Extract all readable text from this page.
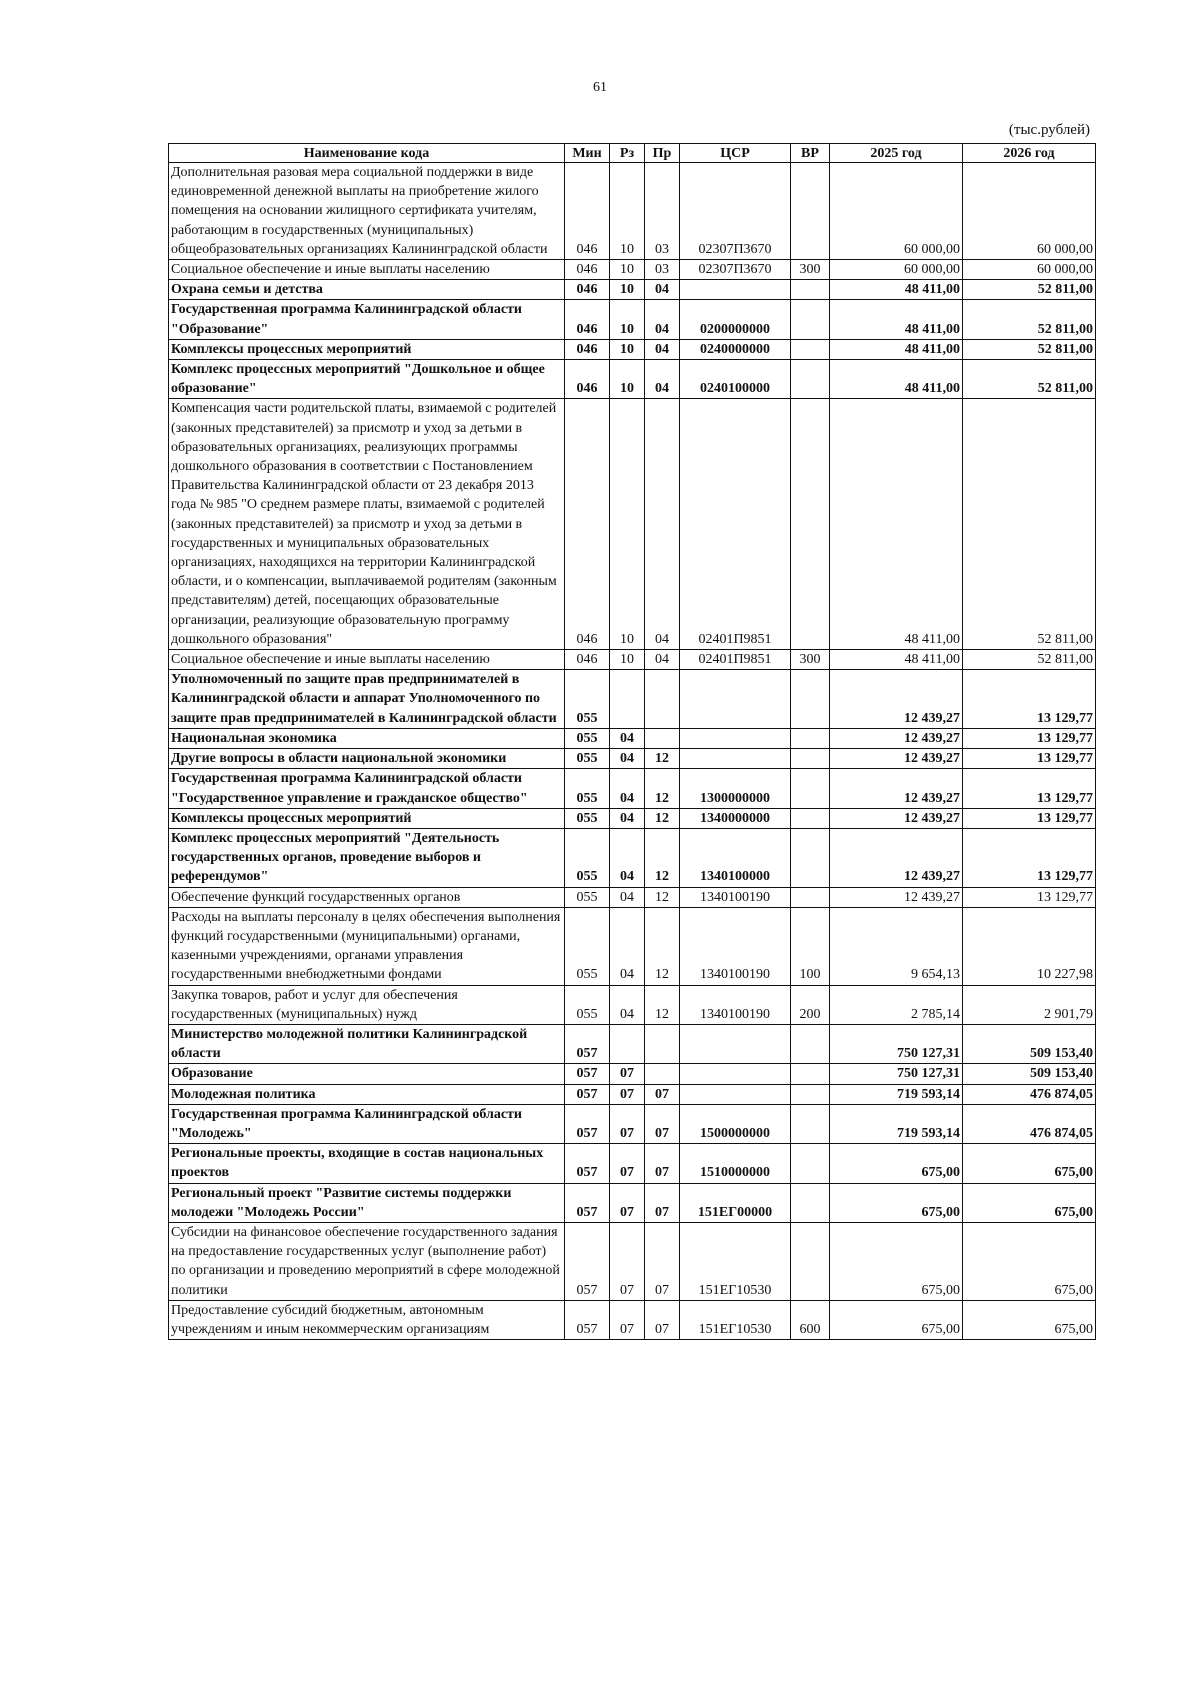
61
(тыс.рублей)
Наименование кода	Мин	Рз	Пр	ЦСР	ВР	2025 год	2026 год
Дополнительная разовая мера социальной поддержки в виде единовременной денежной выплаты на приобретение жилого помещения на основании жилищного сертификата учителям, работающим в государственных (муниципальных) общеобразовательных организациях Калининградской области	046	10	03	02307П3670		60 000,00	60 000,00
Социальное обеспечение и иные выплаты населению	046	10	03	02307П3670	300	60 000,00	60 000,00
Охрана семьи и детства	046	10	04			48 411,00	52 811,00
Государственная программа Калининградской области "Образование"	046	10	04	0200000000		48 411,00	52 811,00
Комплексы процессных мероприятий	046	10	04	0240000000		48 411,00	52 811,00
Комплекс процессных мероприятий "Дошкольное и общее образование"	046	10	04	0240100000		48 411,00	52 811,00
Компенсация части родительской платы, взимаемой с родителей (законных представителей) за присмотр и уход за детьми в образовательных организациях, реализующих программы дошкольного образования в соответствии с Постановлением Правительства Калининградской области от 23 декабря 2013 года № 985 "О среднем размере платы, взимаемой с родителей (законных представителей) за присмотр и уход за детьми в государственных и муниципальных образовательных организациях, находящихся на территории Калининградской области, и о компенсации, выплачиваемой родителям (законным представителям) детей, посещающих образовательные организации, реализующие образовательную программу дошкольного образования"	046	10	04	02401П9851		48 411,00	52 811,00
Социальное обеспечение и иные выплаты населению	046	10	04	02401П9851	300	48 411,00	52 811,00
Уполномоченный по защите прав предпринимателей в Калининградской области и аппарат Уполномоченного по защите прав предпринимателей в Калининградской области	055					12 439,27	13 129,77
Национальная экономика	055	04				12 439,27	13 129,77
Другие вопросы в области национальной экономики	055	04	12			12 439,27	13 129,77
Государственная программа Калининградской области "Государственное управление и гражданское общество"	055	04	12	1300000000		12 439,27	13 129,77
Комплексы процессных мероприятий	055	04	12	1340000000		12 439,27	13 129,77
Комплекс процессных мероприятий "Деятельность государственных органов, проведение выборов и референдумов"	055	04	12	1340100000		12 439,27	13 129,77
Обеспечение функций государственных органов	055	04	12	1340100190		12 439,27	13 129,77
Расходы на выплаты персоналу в целях обеспечения выполнения функций государственными (муниципальными) органами, казенными учреждениями, органами управления государственными внебюджетными фондами	055	04	12	1340100190	100	9 654,13	10 227,98
Закупка товаров, работ и услуг для обеспечения государственных (муниципальных) нужд	055	04	12	1340100190	200	2 785,14	2 901,79
Министерство молодежной политики Калининградской области	057					750 127,31	509 153,40
Образование	057	07				750 127,31	509 153,40
Молодежная политика	057	07	07			719 593,14	476 874,05
Государственная программа Калининградской области "Молодежь"	057	07	07	1500000000		719 593,14	476 874,05
Региональные проекты, входящие в состав национальных проектов	057	07	07	1510000000		675,00	675,00
Региональный проект "Развитие системы поддержки молодежи "Молодежь России"	057	07	07	151ЕГ00000		675,00	675,00
Субсидии на финансовое обеспечение государственного задания на предоставление государственных услуг (выполнение работ) по организации и проведению мероприятий в сфере молодежной политики	057	07	07	151ЕГ10530		675,00	675,00
Предоставление субсидий бюджетным, автономным учреждениям и иным некоммерческим организациям	057	07	07	151ЕГ10530	600	675,00	675,00
